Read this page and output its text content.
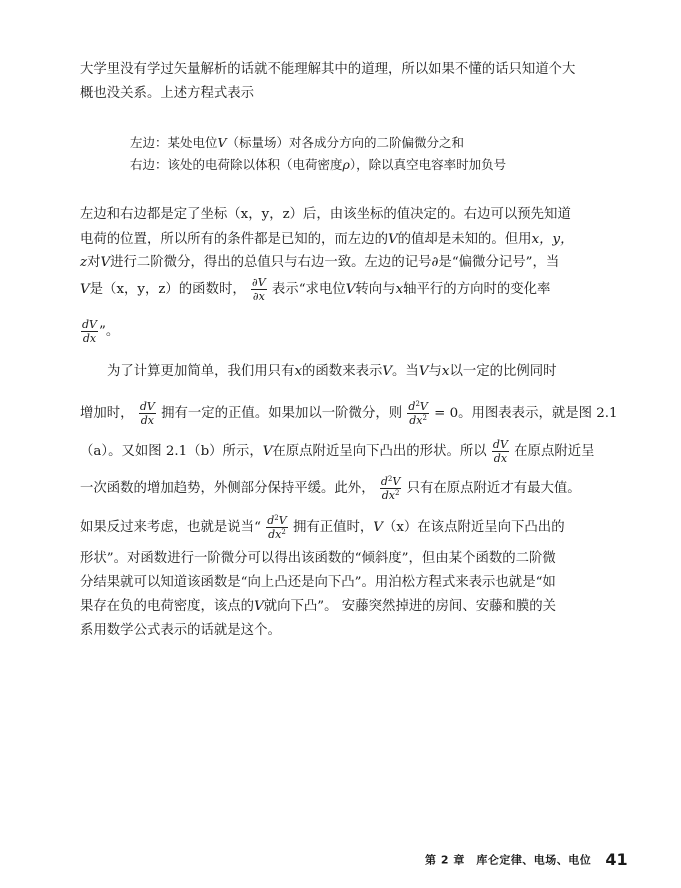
大学里没有学过矢量解析的话就不能理解其中的道理，所以如果不懂的话只知道个大
概也没关系。上述方程式表示
左边：某处电位V（标量场）对各成分方向的二阶偏微分之和
右边：该处的电荷除以体积（电荷密度ρ），除以真空电容率时加负号
左边和右边都是定了坐标（x，y，z）后，由该坐标的值决定的。右边可以预先知道
电荷的位置，所以所有的条件都是已知的，而左边的V的值却是未知的。但用x，y，
z对V进行二阶微分，得出的总值只与右边一致。左边的记号∂是“偏微分记号”，当
V是（x，y，z）的函数时， $\frac{\partial V}{\partial x}$ 表示“求电位V转向与x轴平行的方向时的变化率
$\frac{dV}{dx}$ ”。
为了计算更加简单，我们用只有x的函数来表示V。当V与x以一定的比例同时
增加时， $\frac{dV}{dx}$ 拥有一定的正值。如果加以一阶微分，则 $\frac{d^2V}{dx^2} = 0$。用图表表示，就是图 2.1
（a）。又如图 2.1（b）所示，V在原点附近呈向下凸出的形状。所以 $\frac{dV}{dx}$ 在原点附近呈
一次函数的增加趋势，外侧部分保持平缓。此外， $\frac{d^2V}{dx^2}$ 只有在原点附近才有最大值。
如果反过来考虑，也就是说当“ $\frac{d^2V}{dx^2}$ 拥有正值时，V（x）在该点附近呈向下凸出的
形状”。对函数进行一阶微分可以得出该函数的“倾斜度”，但由某个函数的二阶微
分结果就可以知道该函数是“向上凸还是向下凸”。用泊松方程式来表示也就是“如
果存在负的电荷密度，该点的V就向下凸”。 安藤突然掉进的房间、安藤和膜的关
系用数学公式表示的话就是这个。
第 2 章　库仑定律、电场、电位 41
